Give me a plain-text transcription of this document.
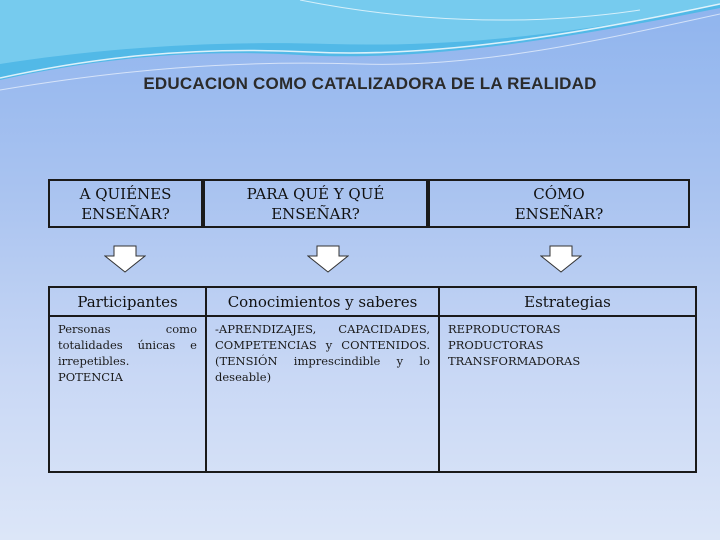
EDUCACION COMO CATALIZADORA DE LA REALIDAD
A QUIÉNES
ENSEÑAR?
PARA QUÉ Y QUÉ
ENSEÑAR?
CÓMO
ENSEÑAR?
Participantes
Personas como totalidades únicas e irrepetibles.
POTENCIA
Conocimientos y saberes
-APRENDIZAJES, CAPACIDADES, COMPETENCIAS y CONTENIDOS. (TENSIÓN imprescindible y lo deseable)
Estrategias
REPRODUCTORAS
PRODUCTORAS
TRANSFORMADORAS
